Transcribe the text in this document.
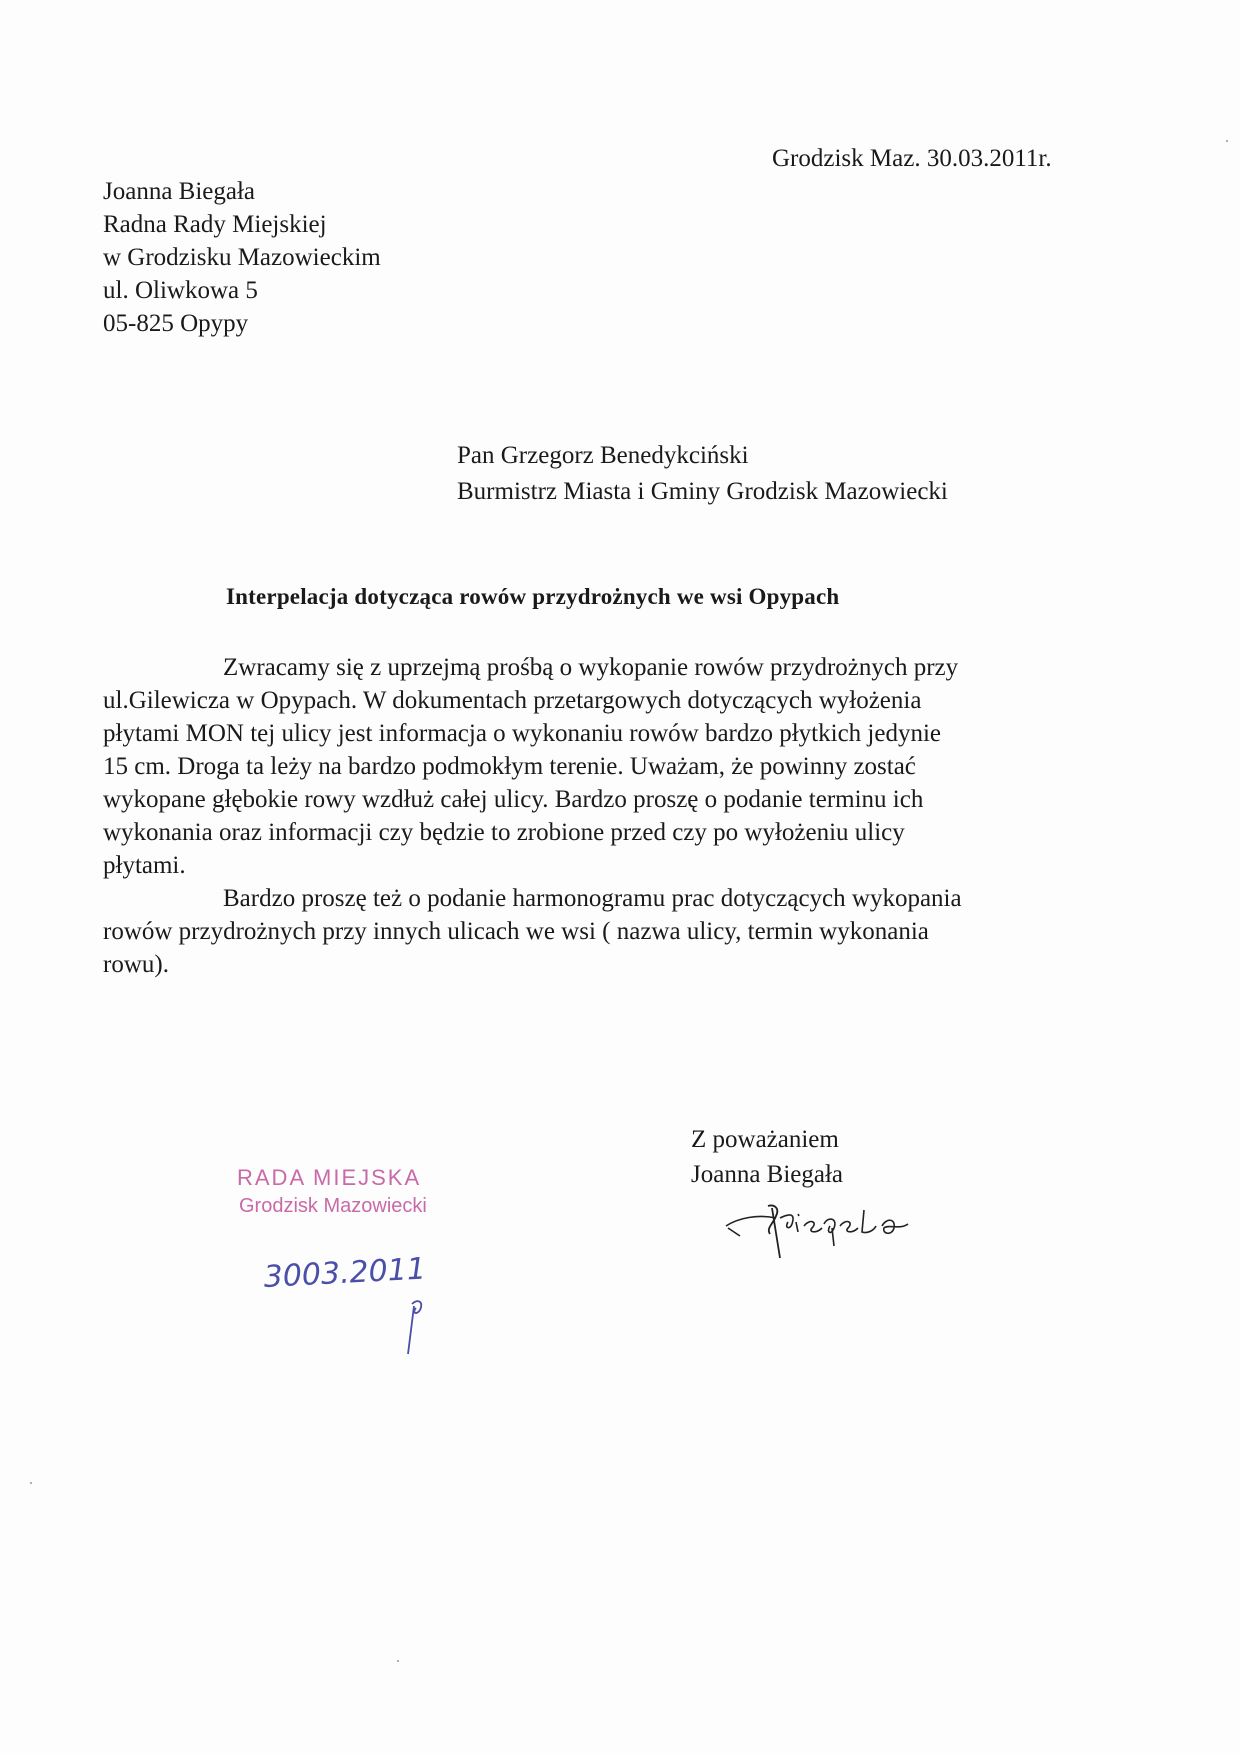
Grodzisk Maz. 30.03.2011r.
Joanna Biegała
Radna Rady Miejskiej
w Grodzisku Mazowieckim
ul. Oliwkowa 5
05-825 Opypy
Pan Grzegorz Benedykciński
Burmistrz Miasta i Gminy Grodzisk Mazowiecki
Interpelacja dotycząca rowów przydrożnych we wsi Opypach
Zwracamy się z uprzejmą prośbą o wykopanie rowów przydrożnych przy
ul.Gilewicza w Opypach. W dokumentach przetargowych dotyczących wyłożenia
płytami MON tej ulicy jest informacja o wykonaniu rowów bardzo płytkich jedynie
15 cm. Droga ta leży na bardzo podmokłym terenie. Uważam, że powinny zostać
wykopane głębokie rowy wzdłuż całej ulicy. Bardzo proszę o podanie terminu ich
wykonania oraz informacji czy będzie to zrobione przed czy po wyłożeniu ulicy
płytami.
Bardzo proszę też o podanie harmonogramu prac dotyczących wykopania
rowów przydrożnych przy innych ulicach we wsi ( nazwa ulicy, termin wykonania
rowu).
Z poważaniem
Joanna Biegała
RADA MIEJSKA
Grodzisk Mazowiecki
3003.2011
